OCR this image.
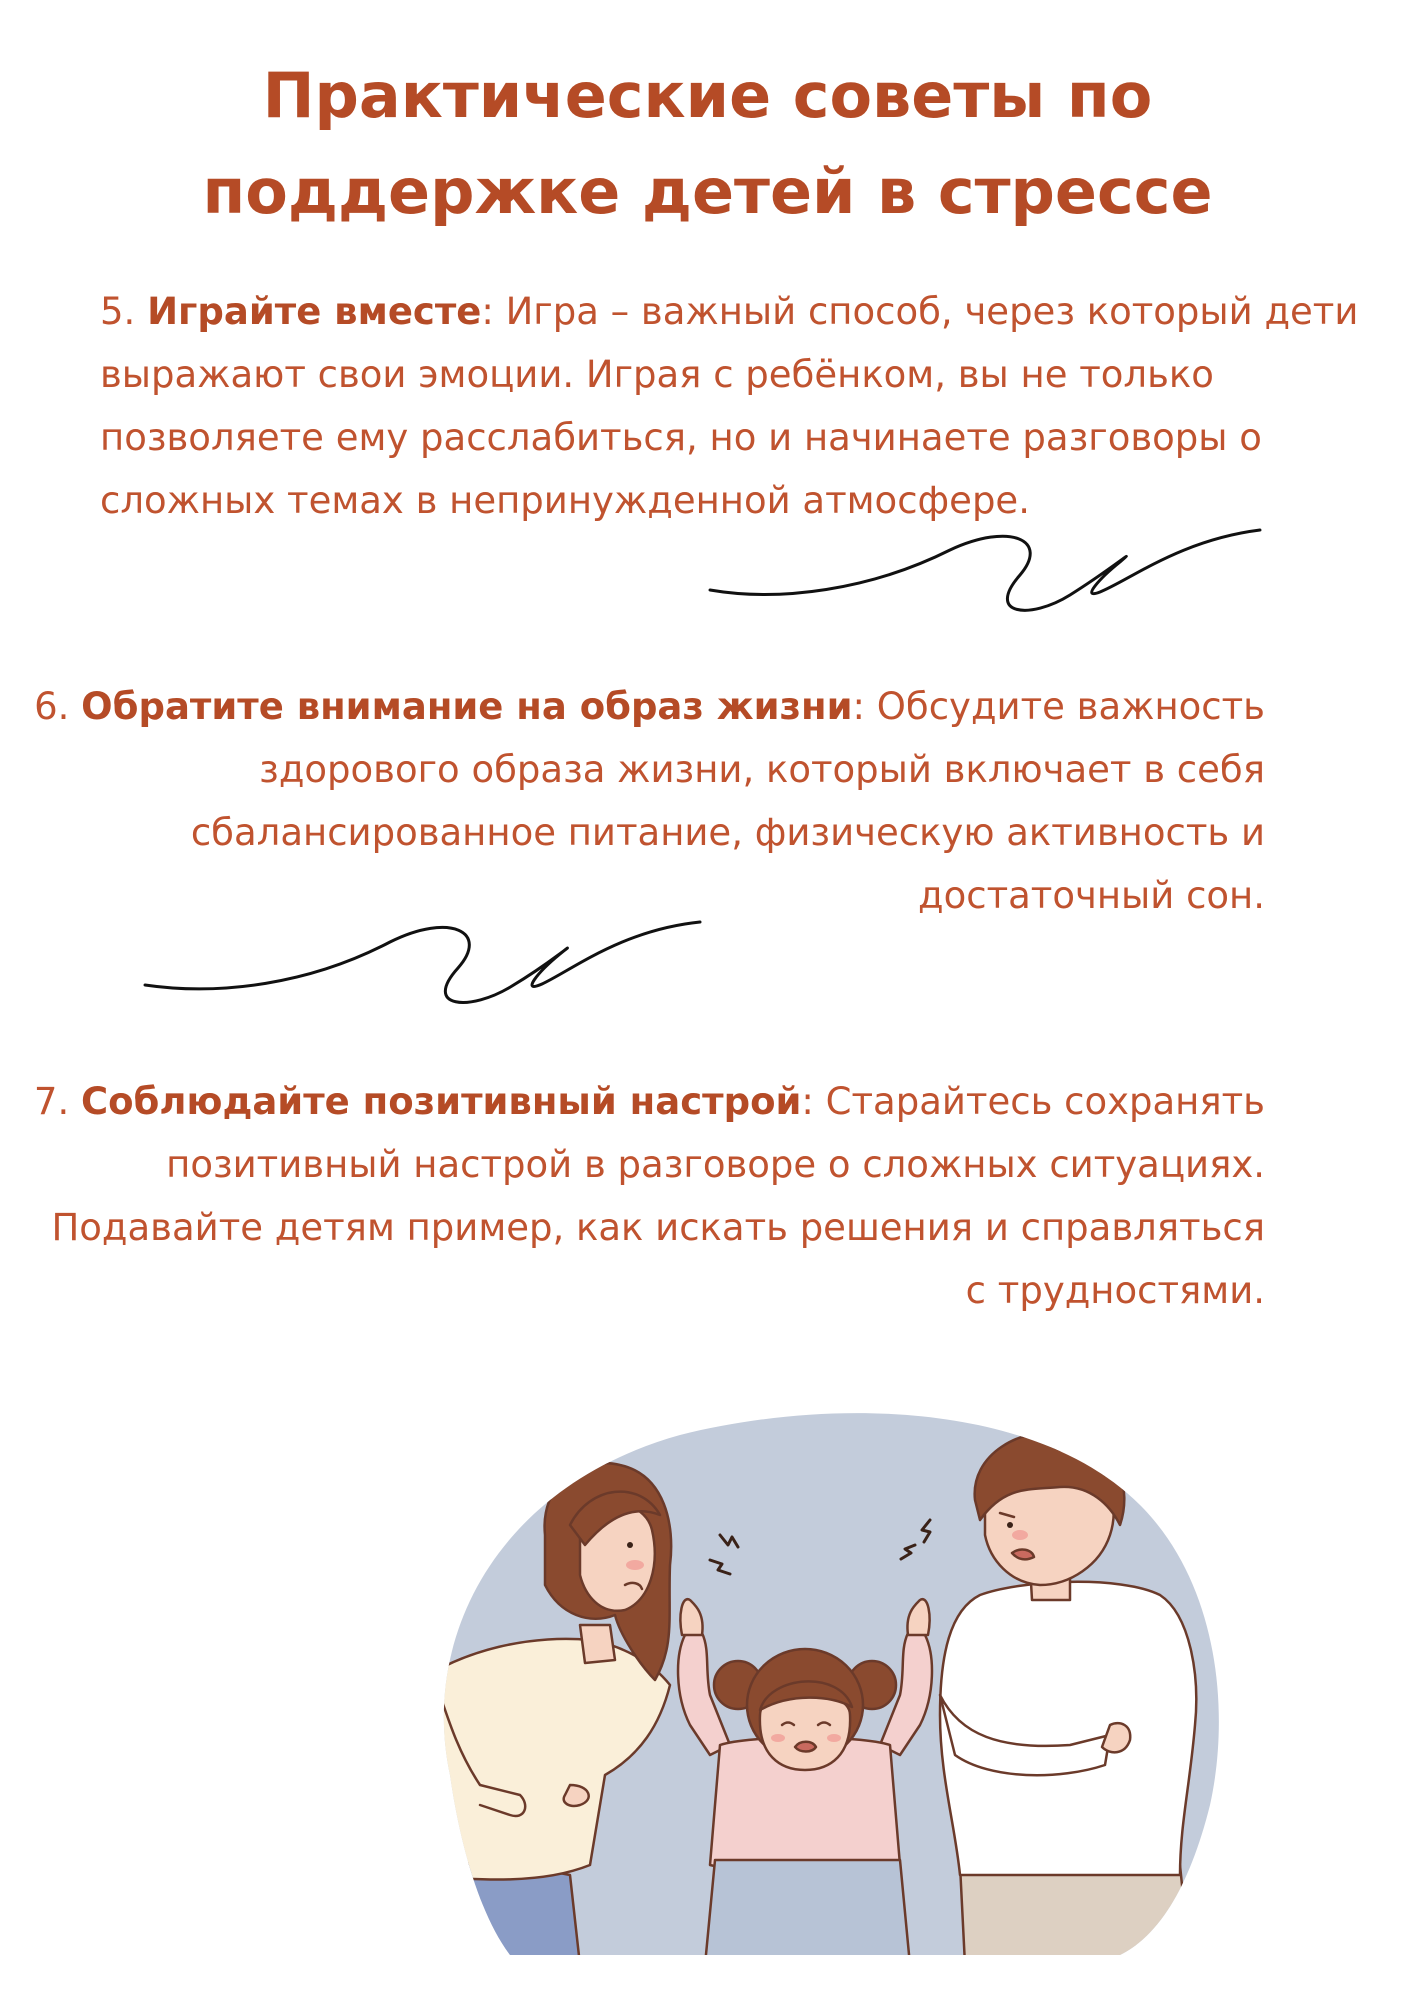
Практические советы по
поддержке детей в стрессе

5. Играйте вместе: Игра – важный способ, через который дети выражают свои эмоции. Играя с ребёнком, вы не только позволяете ему расслабиться, но и начинаете разговоры о сложных темах в непринужденной атмосфере.

6. Обратите внимание на образ жизни: Обсудите важность здорового образа жизни, который включает в себя сбалансированное питание, физическую активность и достаточный сон.

7. Соблюдайте позитивный настрой: Старайтесь сохранять позитивный настрой в разговоре о сложных ситуациях. Подавайте детям пример, как искать решения и справляться с трудностями.
